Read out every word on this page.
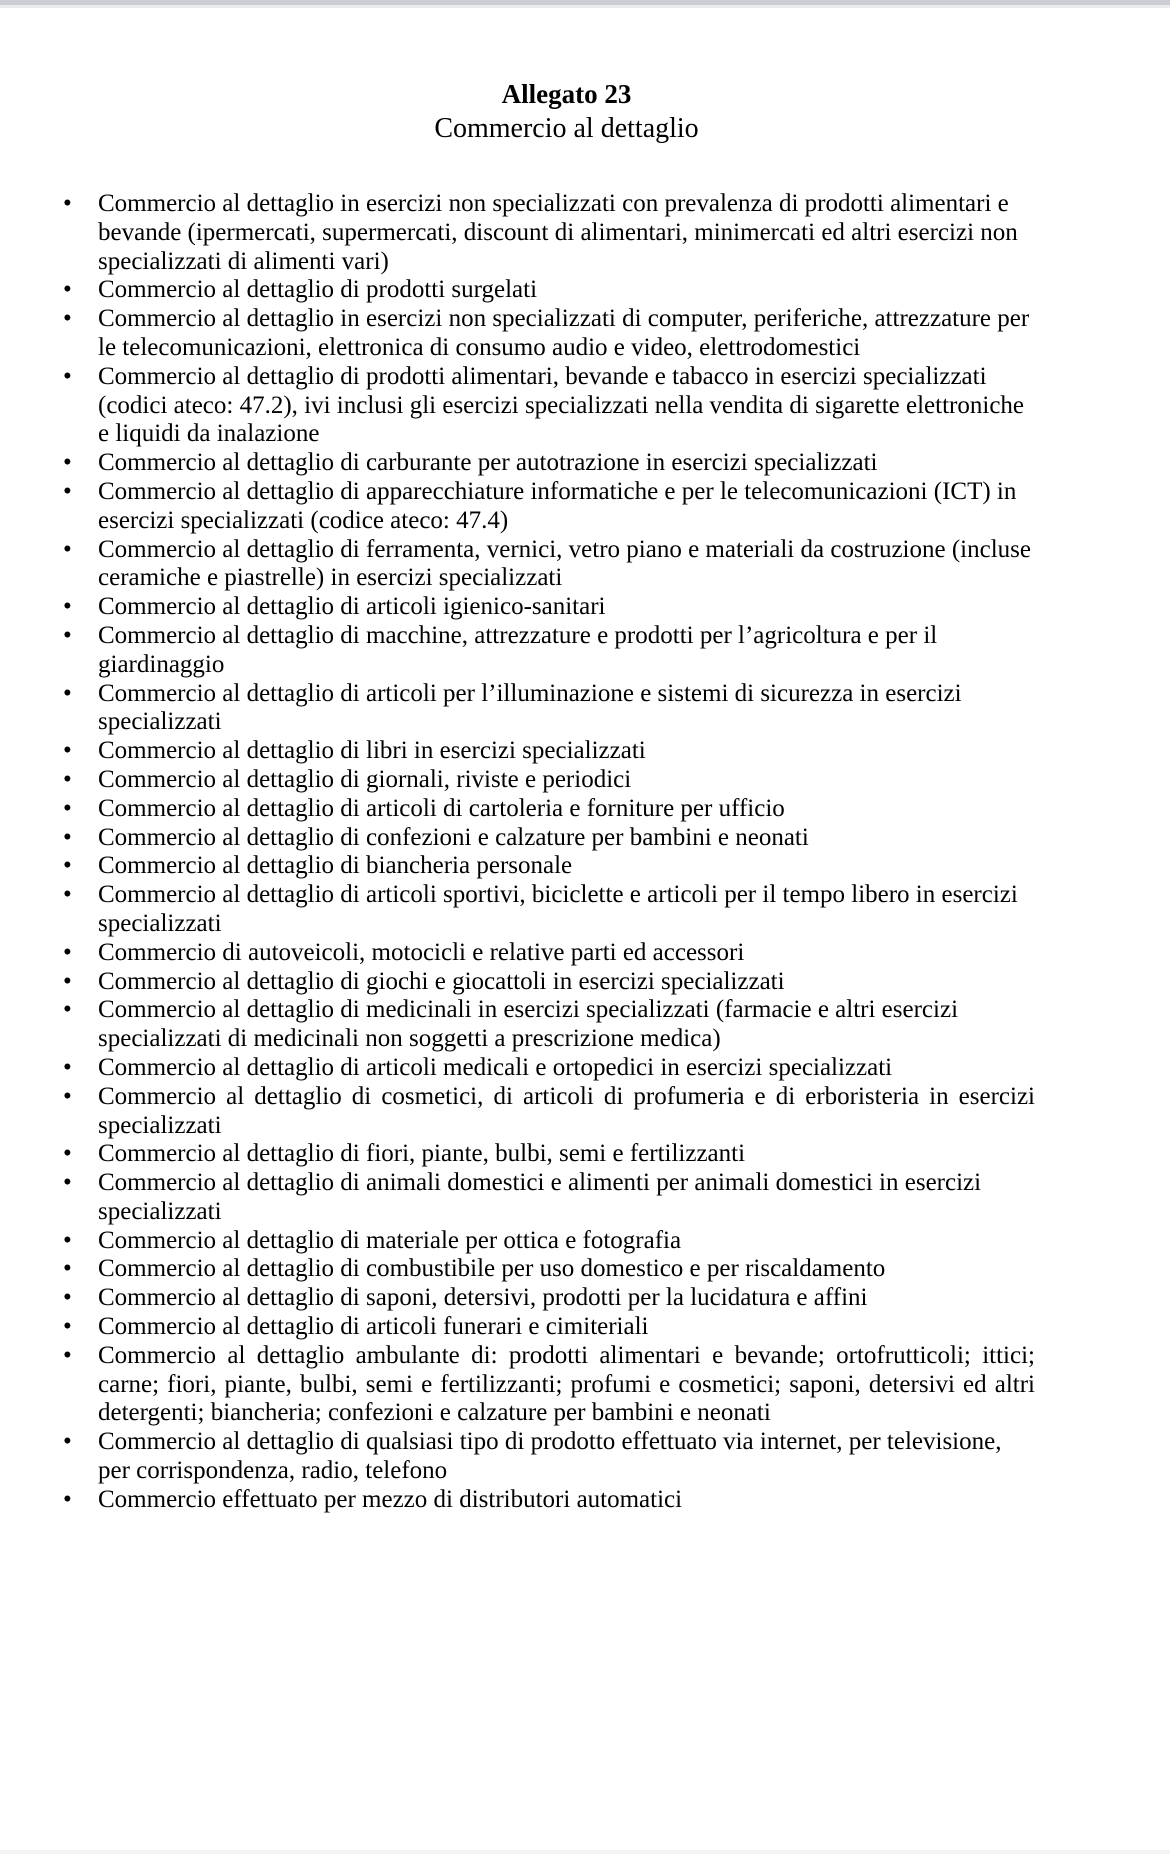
Allegato 23
Commercio al dettaglio
•	Commercio al dettaglio in esercizi non specializzati con prevalenza di prodotti alimentari e bevande (ipermercati, supermercati, discount di alimentari, minimercati ed altri esercizi non specializzati di alimenti vari)
•	Commercio al dettaglio di prodotti surgelati
•	Commercio al dettaglio in esercizi non specializzati di computer, periferiche, attrezzature per le telecomunicazioni, elettronica di consumo audio e video, elettrodomestici
•	Commercio al dettaglio di prodotti alimentari, bevande e tabacco in esercizi specializzati (codici ateco: 47.2), ivi inclusi gli esercizi specializzati nella vendita di sigarette elettroniche e liquidi da inalazione
•	Commercio al dettaglio di carburante per autotrazione in esercizi specializzati
•	Commercio al dettaglio di apparecchiature informatiche e per le telecomunicazioni (ICT) in esercizi specializzati (codice ateco: 47.4)
•	Commercio al dettaglio di ferramenta, vernici, vetro piano e materiali da costruzione (incluse ceramiche e piastrelle) in esercizi specializzati
•	Commercio al dettaglio di articoli igienico-sanitari
•	Commercio al dettaglio di macchine, attrezzature e prodotti per l’agricoltura e per il giardinaggio
•	Commercio al dettaglio di articoli per l’illuminazione e sistemi di sicurezza in esercizi specializzati
•	Commercio al dettaglio di libri in esercizi specializzati
•	Commercio al dettaglio di giornali, riviste e periodici
•	Commercio al dettaglio di articoli di cartoleria e forniture per ufficio
•	Commercio al dettaglio di confezioni e calzature per bambini e neonati
•	Commercio al dettaglio di biancheria personale
•	Commercio al dettaglio di articoli sportivi, biciclette e articoli per il tempo libero in esercizi specializzati
•	Commercio di autoveicoli, motocicli e relative parti ed accessori
•	Commercio al dettaglio di giochi e giocattoli in esercizi specializzati
•	Commercio al dettaglio di medicinali in esercizi specializzati (farmacie e altri esercizi specializzati di medicinali non soggetti a prescrizione medica)
•	Commercio al dettaglio di articoli medicali e ortopedici in esercizi specializzati
•	Commercio al dettaglio di cosmetici, di articoli di profumeria e di erboristeria in esercizi specializzati
•	Commercio al dettaglio di fiori, piante, bulbi, semi e fertilizzanti
•	Commercio al dettaglio di animali domestici e alimenti per animali domestici in esercizi specializzati
•	Commercio al dettaglio di materiale per ottica e fotografia
•	Commercio al dettaglio di combustibile per uso domestico e per riscaldamento
•	Commercio al dettaglio di saponi, detersivi, prodotti per la lucidatura e affini
•	Commercio al dettaglio di articoli funerari e cimiteriali
•	Commercio al dettaglio ambulante di: prodotti alimentari e bevande; ortofrutticoli; ittici; carne; fiori, piante, bulbi, semi e fertilizzanti; profumi e cosmetici; saponi, detersivi ed altri detergenti; biancheria; confezioni e calzature per bambini e neonati
•	Commercio al dettaglio di qualsiasi tipo di prodotto effettuato via internet, per televisione, per corrispondenza, radio, telefono
•	Commercio effettuato per mezzo di distributori automatici
